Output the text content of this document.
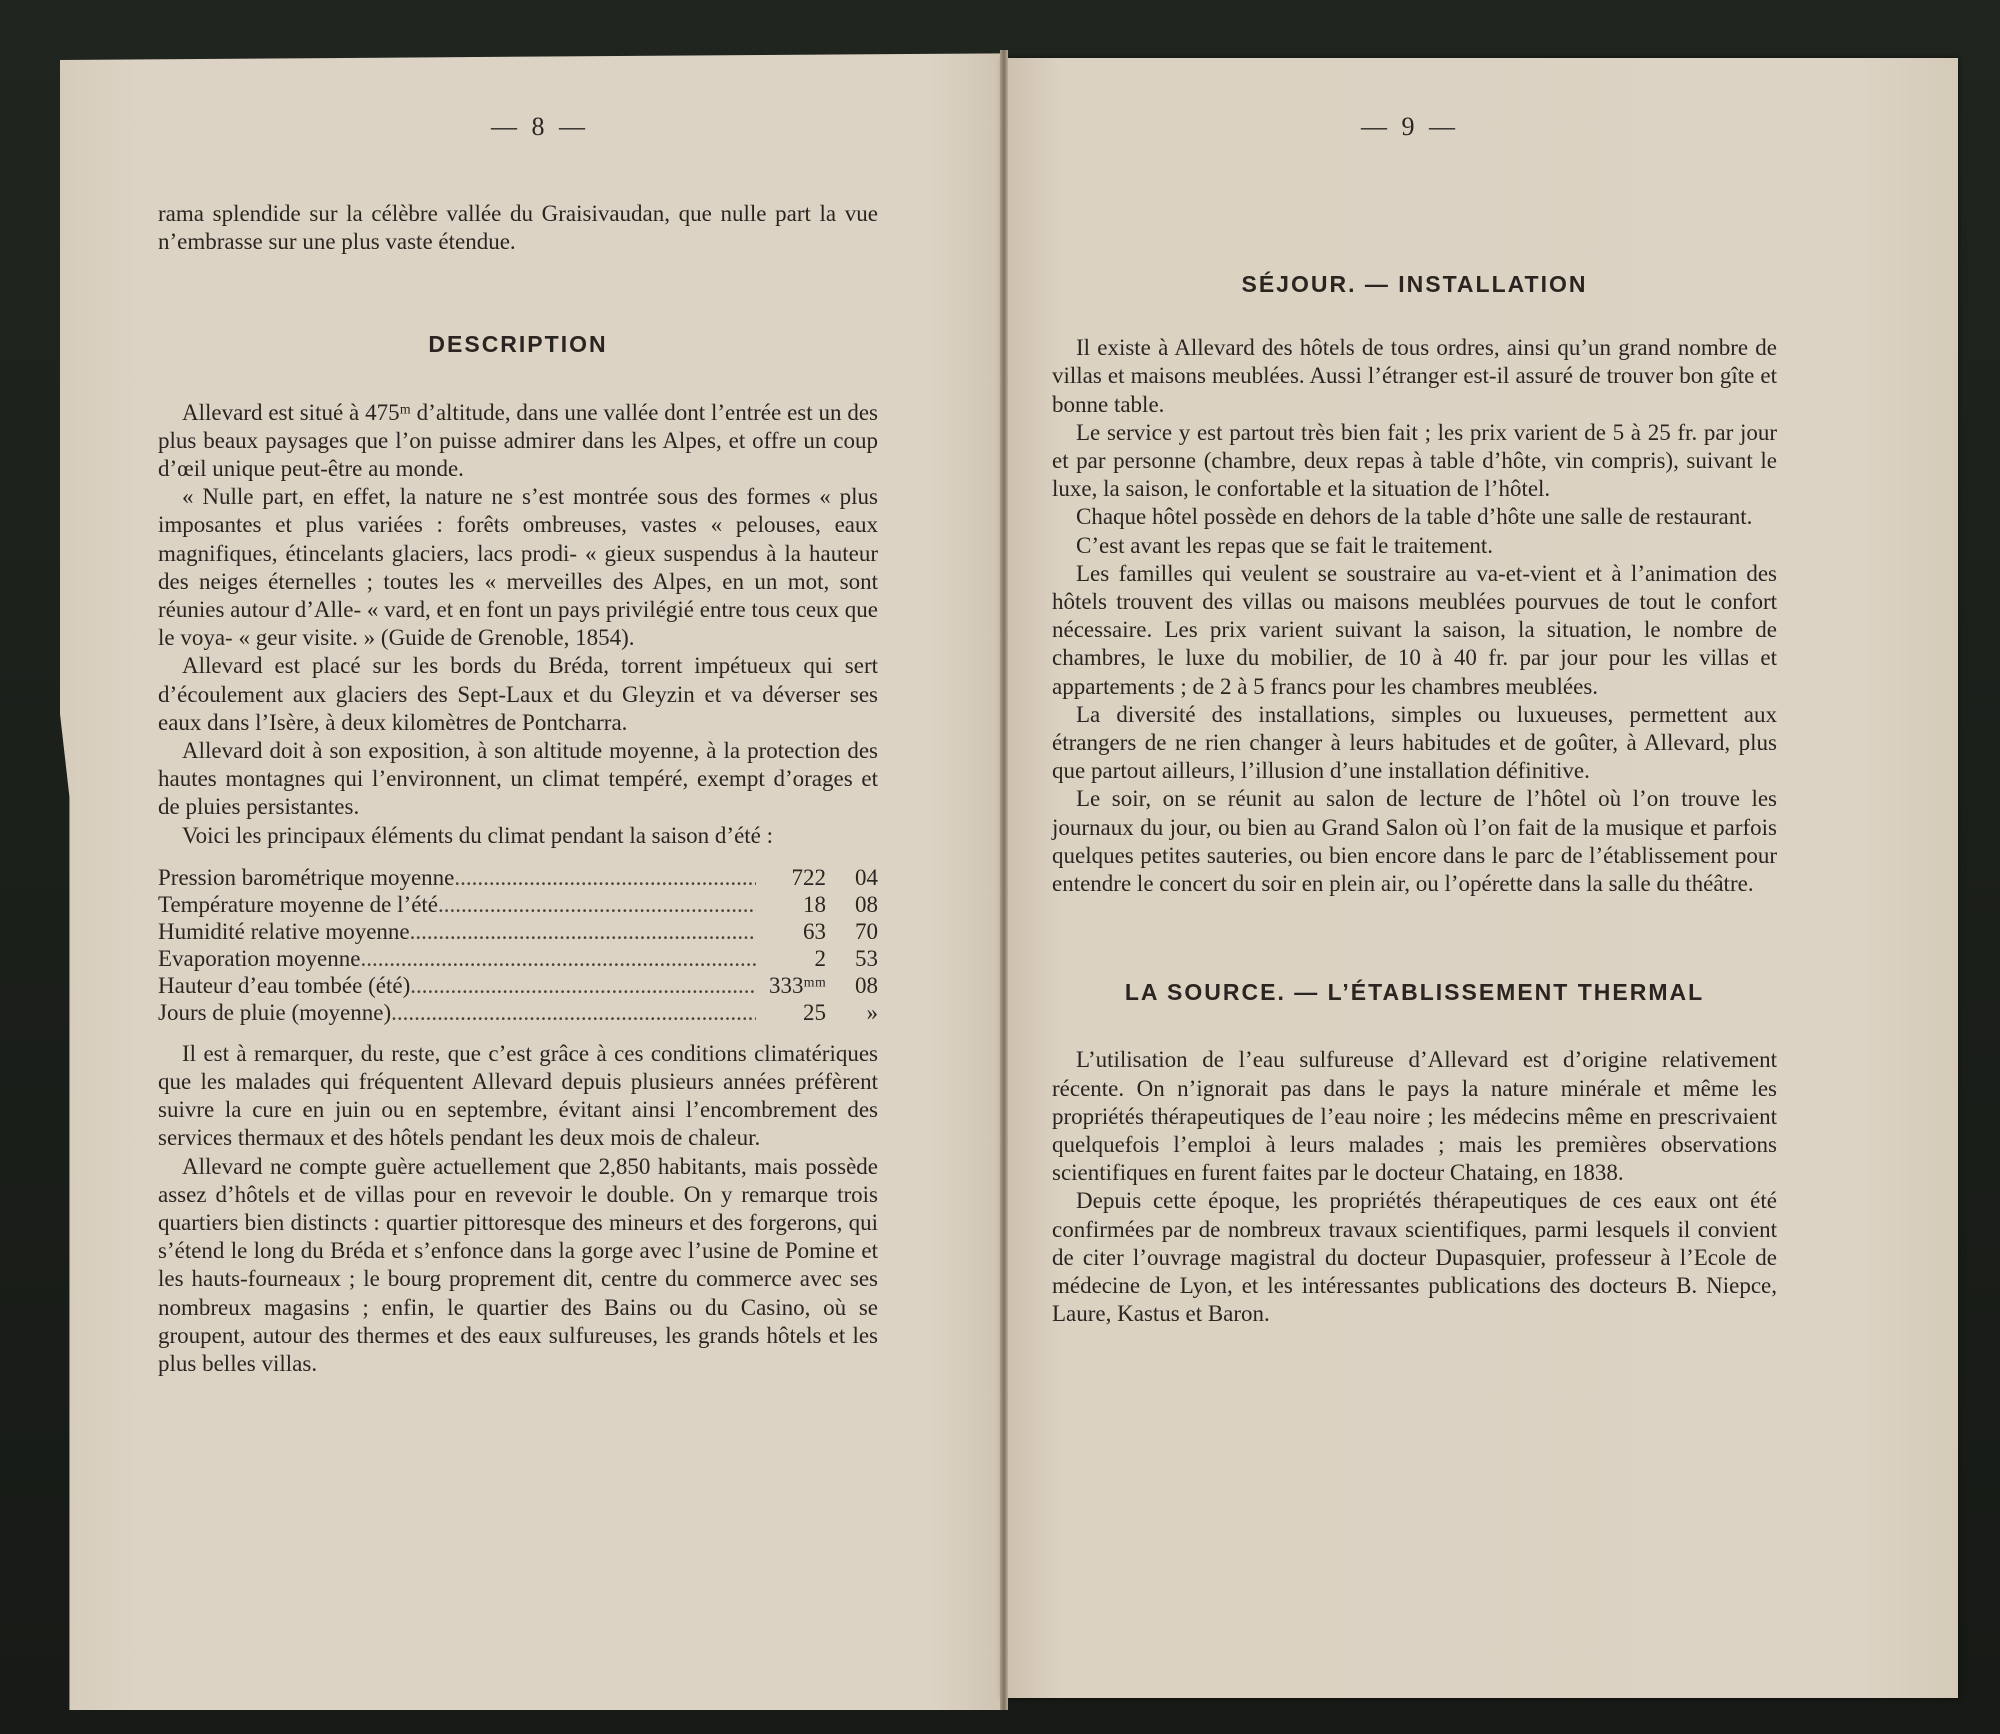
— 8 —

rama splendide sur la célèbre vallée du Graisivaudan, que nulle part la vue n’embrasse sur une plus vaste étendue.

DESCRIPTION

Allevard est situé à 475ᵐ d’altitude, dans une vallée dont l’entrée est un des plus beaux paysages que l’on puisse admirer dans les Alpes, et offre un coup d’œil unique peut-être au monde.

« Nulle part, en effet, la nature ne s’est montrée sous des formes « plus imposantes et plus variées : forêts ombreuses, vastes « pelouses, eaux magnifiques, étincelants glaciers, lacs prodi- « gieux suspendus à la hauteur des neiges éternelles ; toutes les « merveilles des Alpes, en un mot, sont réunies autour d’Alle- « vard, et en font un pays privilégié entre tous ceux que le voya- « geur visite. » (Guide de Grenoble, 1854).

Allevard est placé sur les bords du Bréda, torrent impétueux qui sert d’écoulement aux glaciers des Sept-Laux et du Gleyzin et va déverser ses eaux dans l’Isère, à deux kilomètres de Pontcharra.

Allevard doit à son exposition, à son altitude moyenne, à la protection des hautes montagnes qui l’environnent, un climat tempéré, exempt d’orages et de pluies persistantes.

Voici les principaux éléments du climat pendant la saison d’été :

Pression barométrique moyenne .....	722	04
Température moyenne de l’été .....	18	08
Humidité relative moyenne .....	63	70
Evaporation moyenne .....	2	53
Hauteur d’eau tombée (été) .....	333ᵐᵐ	08
Jours de pluie (moyenne) .....	25	»

Il est à remarquer, du reste, que c’est grâce à ces conditions climatériques que les malades qui fréquentent Allevard depuis plusieurs années préfèrent suivre la cure en juin ou en septembre, évitant ainsi l’encombrement des services thermaux et des hôtels pendant les deux mois de chaleur.

Allevard ne compte guère actuellement que 2,850 habitants, mais possède assez d’hôtels et de villas pour en revevoir le double. On y remarque trois quartiers bien distincts : quartier pittoresque des mineurs et des forgerons, qui s’étend le long du Bréda et s’enfonce dans la gorge avec l’usine de Pomine et les hauts-fourneaux ; le bourg proprement dit, centre du commerce avec ses nombreux magasins ; enfin, le quartier des Bains ou du Casino, où se groupent, autour des thermes et des eaux sulfureuses, les grands hôtels et les plus belles villas.

— 9 —
SÉJOUR. — INSTALLATION

Il existe à Allevard des hôtels de tous ordres, ainsi qu’un grand nombre de villas et maisons meublées. Aussi l’étranger est-il assuré de trouver bon gîte et bonne table.

Le service y est partout très bien fait ; les prix varient de 5 à 25 fr. par jour et par personne (chambre, deux repas à table d’hôte, vin compris), suivant le luxe, la saison, le confortable et la situation de l’hôtel.

Chaque hôtel possède en dehors de la table d’hôte une salle de restaurant.

C’est avant les repas que se fait le traitement.

Les familles qui veulent se soustraire au va-et-vient et à l’animation des hôtels trouvent des villas ou maisons meublées pourvues de tout le confort nécessaire. Les prix varient suivant la saison, la situation, le nombre de chambres, le luxe du mobilier, de 10 à 40 fr. par jour pour les villas et appartements ; de 2 à 5 francs pour les chambres meublées.

La diversité des installations, simples ou luxueuses, permettent aux étrangers de ne rien changer à leurs habitudes et de goûter, à Allevard, plus que partout ailleurs, l’illusion d’une installation définitive.

Le soir, on se réunit au salon de lecture de l’hôtel où l’on trouve les journaux du jour, ou bien au Grand Salon où l’on fait de la musique et parfois quelques petites sauteries, ou bien encore dans le parc de l’établissement pour entendre le concert du soir en plein air, ou l’opérette dans la salle du théâtre.

LA SOURCE. — L’ÉTABLISSEMENT THERMAL

L’utilisation de l’eau sulfureuse d’Allevard est d’origine relativement récente. On n’ignorait pas dans le pays la nature minérale et même les propriétés thérapeutiques de l’eau noire ; les médecins même en prescrivaient quelquefois l’emploi à leurs malades ; mais les premières observations scientifiques en furent faites par le docteur Chataing, en 1838.

Depuis cette époque, les propriétés thérapeutiques de ces eaux ont été confirmées par de nombreux travaux scientifiques, parmi lesquels il convient de citer l’ouvrage magistral du docteur Dupasquier, professeur à l’Ecole de médecine de Lyon, et les intéressantes publications des docteurs B. Niepce, Laure, Kastus et Baron.
